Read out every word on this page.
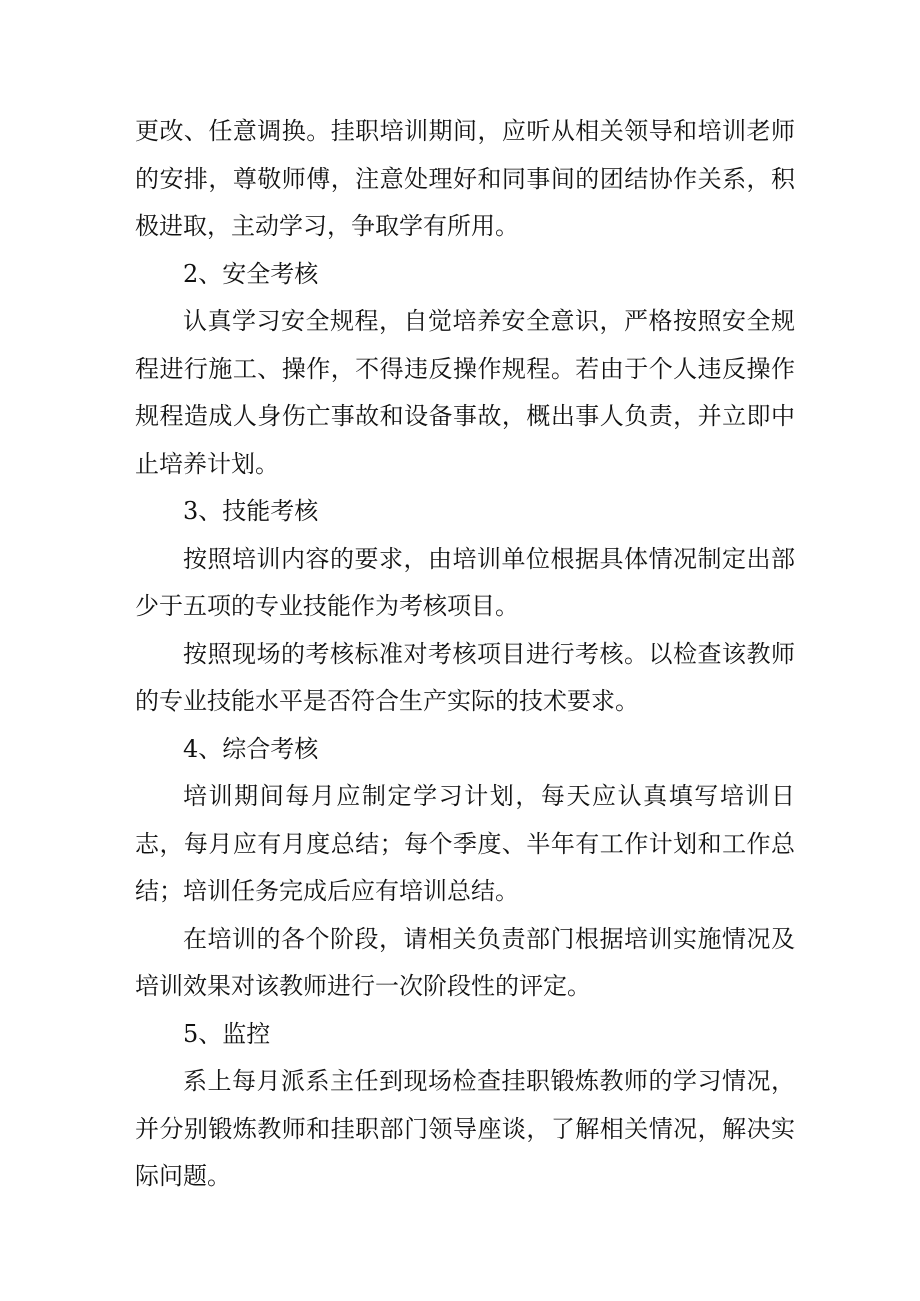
更改、任意调换。挂职培训期间，应听从相关领导和培训老师的安排，尊敬师傅，注意处理好和同事间的团结协作关系，积极进取，主动学习，争取学有所用。

2、安全考核

认真学习安全规程，自觉培养安全意识，严格按照安全规程进行施工、操作，不得违反操作规程。若由于个人违反操作规程造成人身伤亡事故和设备事故，概出事人负责，并立即中止培养计划。

3、技能考核

按照培训内容的要求，由培训单位根据具体情况制定出部少于五项的专业技能作为考核项目。

按照现场的考核标准对考核项目进行考核。以检查该教师的专业技能水平是否符合生产实际的技术要求。

4、综合考核

培训期间每月应制定学习计划，每天应认真填写培训日志，每月应有月度总结；每个季度、半年有工作计划和工作总结；培训任务完成后应有培训总结。

在培训的各个阶段，请相关负责部门根据培训实施情况及培训效果对该教师进行一次阶段性的评定。

5、监控

系上每月派系主任到现场检查挂职锻炼教师的学习情况，并分别锻炼教师和挂职部门领导座谈，了解相关情况，解决实际问题。
